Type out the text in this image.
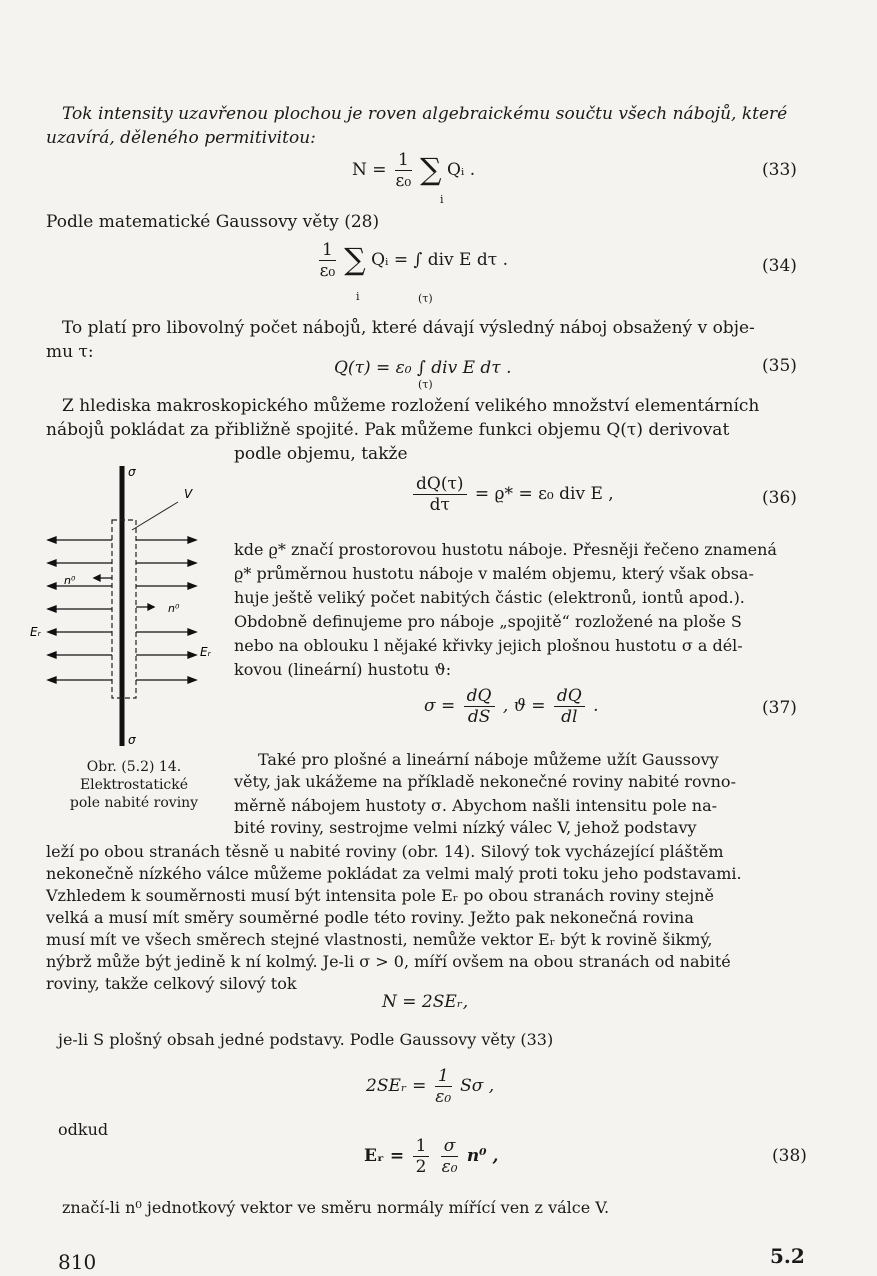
Tok intensity uzavřenou plochou je roven algebraickému součtu všech nábojů, které
uzavírá, děleného permitivitou:
$N = \frac{1}{\text{ε₀}}$ ∑ Qᵢ .
i
(33)
Podle matematické Gaussovy věty (28)
$\frac{1}{\text{ε₀}}$ ∑ Qᵢ = ∫ div E dτ .
i	(τ)
(34)
To platí pro libovolný počet nábojů, které dávají výsledný náboj obsažený v obje-
mu τ:
Q(τ) = ε₀ ∫ div E dτ .
(τ)
(35)
Z hlediska makroskopického můžeme rozložení velikého množství elementárních
nábojů pokládat za přibližně spojité. Pak můžeme funkci objemu Q(τ) derivovat
podle objemu, takže
$\frac{dQ(\tau)}{d\tau} = ϱ* = \varepsilon_0$ div E ,	(36)
σ
σ
V
n⁰
n⁰
Eᵣ
Eᵣ
Obr. (5.2) 14.
Elektrostatické
pole nabité roviny
kde ϱ* značí prostorovou hustotu náboje. Přesněji řečeno znamená
ϱ* průměrnou hustotu náboje v malém objemu, který však obsa-
huje ještě veliký počet nabitých částic (elektronů, iontů apod.).
Obdobně definujeme pro náboje „spojitě“ rozložené na ploše S
nebo na oblouku l nějaké křivky jejich plošnou hustotu σ a dél-
kovou (lineární) hustotu ϑ:
$\sigma = \frac{dQ}{dS}$ , $ϑ = \frac{dQ}{dl}$ .	(37)
Také pro plošné a lineární náboje můžeme užít Gaussovy
věty, jak ukážeme na příkladě nekonečné roviny nabité rovno-
měrně nábojem hustoty σ. Abychom našli intensitu pole na-
bité roviny, sestrojme velmi nízký válec V, jehož podstavy
leží po obou stranách těsně u nabité roviny (obr. 14). Silový tok vycházející pláštěm
nekonečně nízkého válce můžeme pokládat za velmi malý proti toku jeho podstavami.
Vzhledem k souměrnosti musí být intensita pole Eᵣ po obou stranách roviny stejně
velká a musí mít směry souměrné podle této roviny. Ježto pak nekonečná rovina
musí mít ve všech směrech stejné vlastnosti, nemůže vektor Eᵣ být k rovině šikmý,
nýbrž může být jedině k ní kolmý. Je-li σ > 0, míří ovšem na obou stranách od nabité
roviny, takže celkový silový tok
N = 2SEᵣ,
je-li S plošný obsah jedné podstavy. Podle Gaussovy věty (33)
2SEᵣ = $\frac{1}{\text{ε₀}}$ Sσ ,
odkud
Eᵣ = $\frac{1}{2}$
$\frac{\sigma}{\text{ε₀}} n^0$ ,	(38)
značí-li n⁰ jednotkový vektor ve směru normály mířící ven z válce V.
810	5.2
